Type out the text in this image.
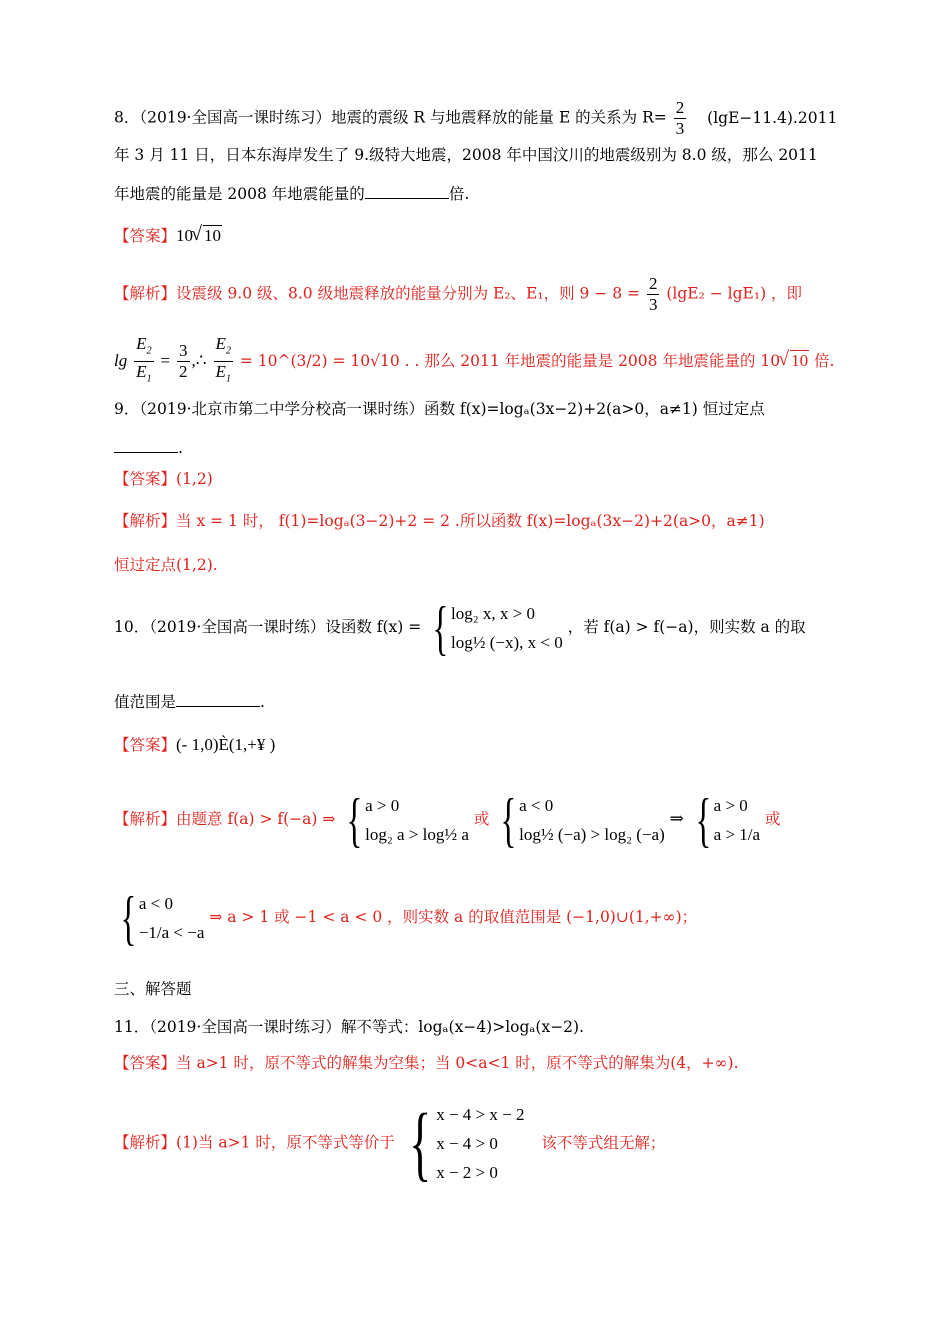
8．（2019·全国高一课时练习）地震的震级 R 与地震释放的能量 E 的关系为 $R= \frac{2}{3} (\lg E-11.4).2011$
年 3 月 11 日，日本东海岸发生了 9.级特大地震，2008 年中国汶川的地震级别为 8.0 级，那么 2011
年地震的能量是 2008 年地震能量的	倍.
【答案】10 √ 10
【解析】设震级 9.0 级、8.0 级地震释放的能量分别为 E₂、E₁，则 $9 - 8 = \frac{2}{3} (\lg E_2 - \lg E_1)$ ，即
$\lg \frac{E_2}{E_1} = \frac{3}{2}$ ,∴ $\frac{E_2}{E_1}$ = 10^(3/2) = 10√10 . . 那么 2011 年地震的能量是 2008 年地震能量的 10 √ 10 倍.
9．（2019·北京市第二中学分校高一课时练）函数 f(x)=logₐ(3x−2)+2(a>0，a≠1) 恒过定点
.
【答案】(1,2)
【解析】当 x = 1 时， f(1)=logₐ(3−2)+2 = 2 .所以函数 f(x)=logₐ(3x−2)+2(a>0，a≠1)
恒过定点(1,2).
10．（2019·全国高一课时练）设函数 f(x) = { log₂ x, x > 0
log½ (−x), x < 0
，若 f(a) > f(−a)，则实数 a 的取
值范围是	.
【答案】(- 1,0)È(1,+¥ )
【解析】由题意 f(a) > f(−a) ⇒ { a > 0
log₂ a > log½ a
或 { a < 0
log½ (−a) > log₂ (−a)
⇒ { a > 0
a > 1/a
或
{ a < 0
−1/a < −a
⇒ a > 1 或 −1 < a < 0 ，则实数 a 的取值范围是 (−1,0)∪(1,+∞)；
三、解答题
11．（2019·全国高一课时练习）解不等式：logₐ(x−4)>logₐ(x−2).
【答案】当 a>1 时，原不等式的解集为空集；当 0<a<1 时，原不等式的解集为(4，+∞).
【解析】(1)当 a>1 时，原不等式等价于 { x − 4 > x − 2
x − 4 > 0
x − 2 > 0
该不等式组无解；
